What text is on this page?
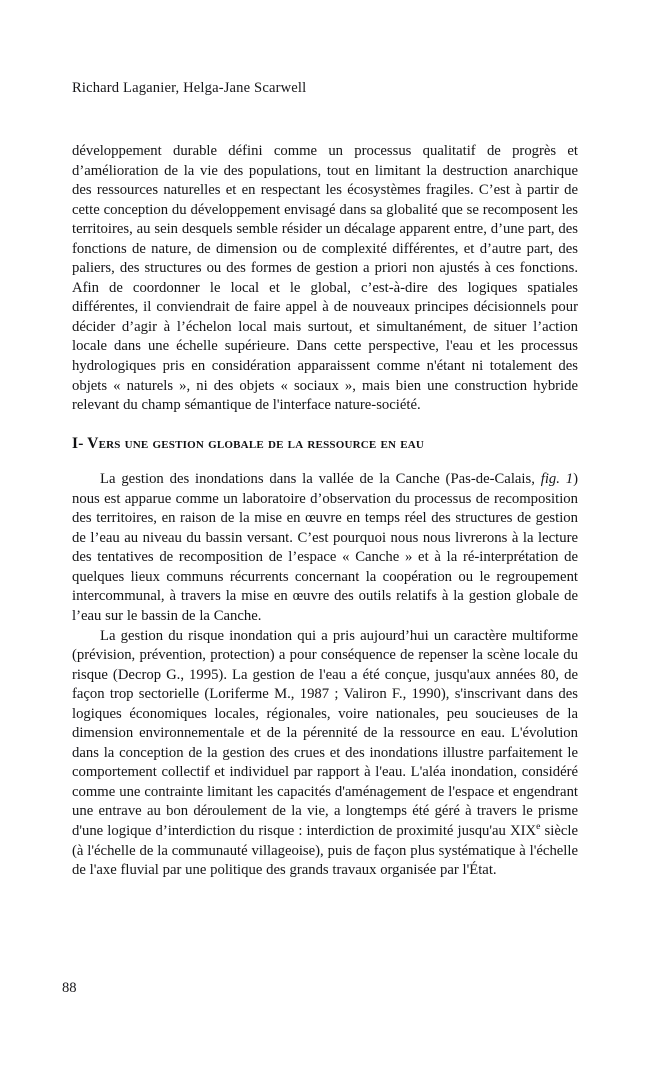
Richard Laganier, Helga-Jane Scarwell

développement durable défini comme un processus qualitatif de progrès et d’amélioration de la vie des populations, tout en limitant la destruction anarchique des ressources naturelles et en respectant les écosystèmes fragiles. C’est à partir de cette conception du développement envisagé dans sa globalité que se recomposent les territoires, au sein desquels semble résider un décalage apparent entre, d’une part, des fonctions de nature, de dimension ou de complexité différentes, et d’autre part, des paliers, des structures ou des formes de gestion a priori non ajustés à ces fonctions. Afin de coordonner le local et le global, c’est-à-dire des logiques spatiales différentes, il conviendrait de faire appel à de nouveaux principes décisionnels pour décider d’agir à l’échelon local mais surtout, et simultanément, de situer l’action locale dans une échelle supérieure. Dans cette perspective, l'eau et les processus hydrologiques pris en considération apparaissent comme n'étant ni totalement des objets « naturels », ni des objets « sociaux », mais bien une construction hybride relevant du champ sémantique de l'interface nature-société.

I- Vers une gestion globale de la ressource en eau

La gestion des inondations dans la vallée de la Canche (Pas-de-Calais, fig. 1) nous est apparue comme un laboratoire d’observation du processus de recomposition des territoires, en raison de la mise en œuvre en temps réel des structures de gestion de l’eau au niveau du bassin versant. C’est pourquoi nous nous livrerons à la lecture des tentatives de recomposition de l’espace « Canche » et à la ré-interprétation de quelques lieux communs récurrents concernant la coopération ou le regroupement intercommunal, à travers la mise en œuvre des outils relatifs à la gestion globale de l’eau sur le bassin de la Canche.

La gestion du risque inondation qui a pris aujourd’hui un caractère multiforme (prévision, prévention, protection) a pour conséquence de repenser la scène locale du risque (Decrop G., 1995). La gestion de l'eau a été conçue, jusqu'aux années 80, de façon trop sectorielle (Loriferme M., 1987 ; Valiron F., 1990), s'inscrivant dans des logiques économiques locales, régionales, voire nationales, peu soucieuses de la dimension environnementale et de la pérennité de la ressource en eau. L'évolution dans la conception de la gestion des crues et des inondations illustre parfaitement le comportement collectif et individuel par rapport à l'eau. L'aléa inondation, considéré comme une contrainte limitant les capacités d'aménagement de l'espace et engendrant une entrave au bon déroulement de la vie, a longtemps été géré à travers le prisme d'une logique d’interdiction du risque : interdiction de proximité jusqu'au XIXe siècle (à l'échelle de la communauté villageoise), puis de façon plus systématique à l'échelle de l'axe fluvial par une politique des grands travaux organisée par l'État.

88
